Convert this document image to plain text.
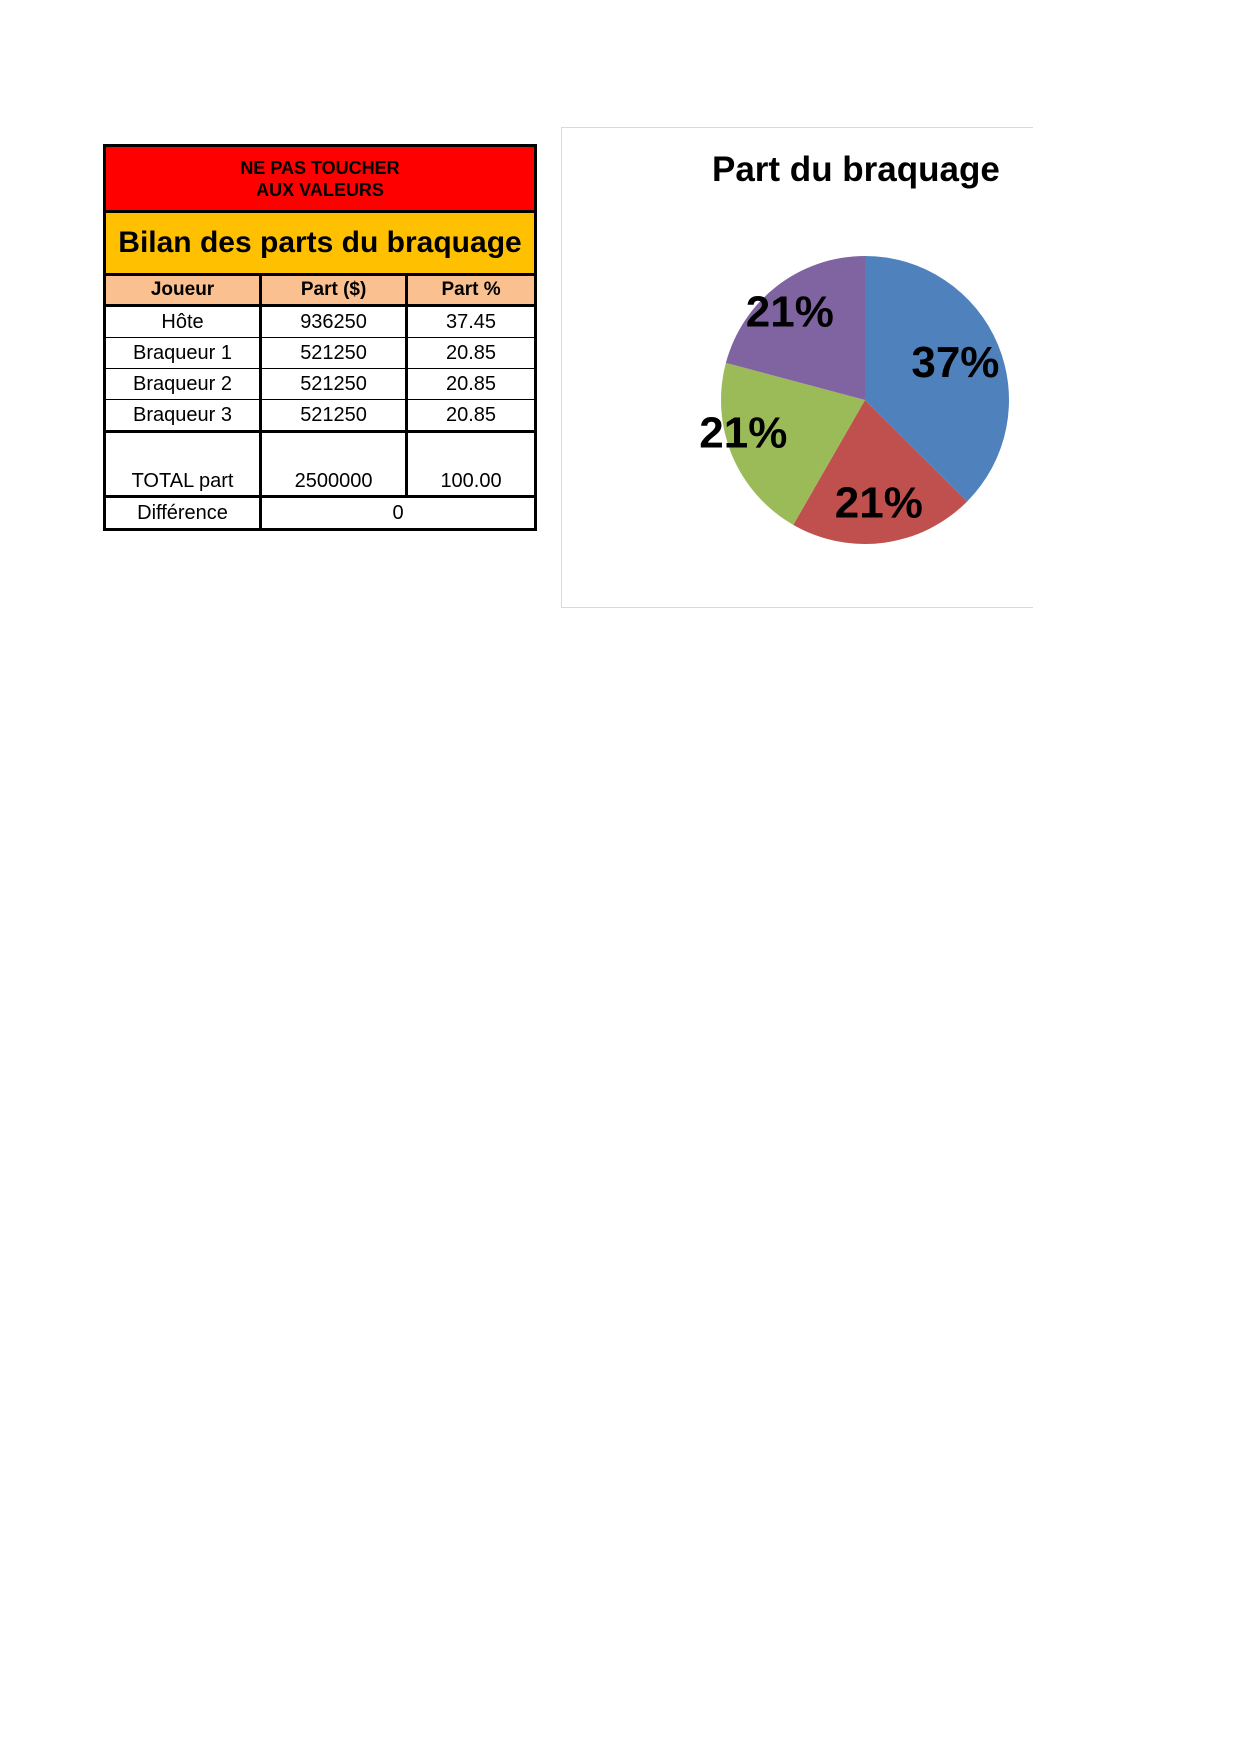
NE PAS TOUCHER
AUX VALEURS		

Bilan des parts du braquage		
Joueur	Part ($)	Part %
Hôte	936250	37.45
Braqueur 1	521250	20.85
Braqueur 2	521250	20.85
Braqueur 3	521250	20.85
TOTAL part	2500000	100.00
Différence	0	
Part du braquage
37%
21%
21%
21%
